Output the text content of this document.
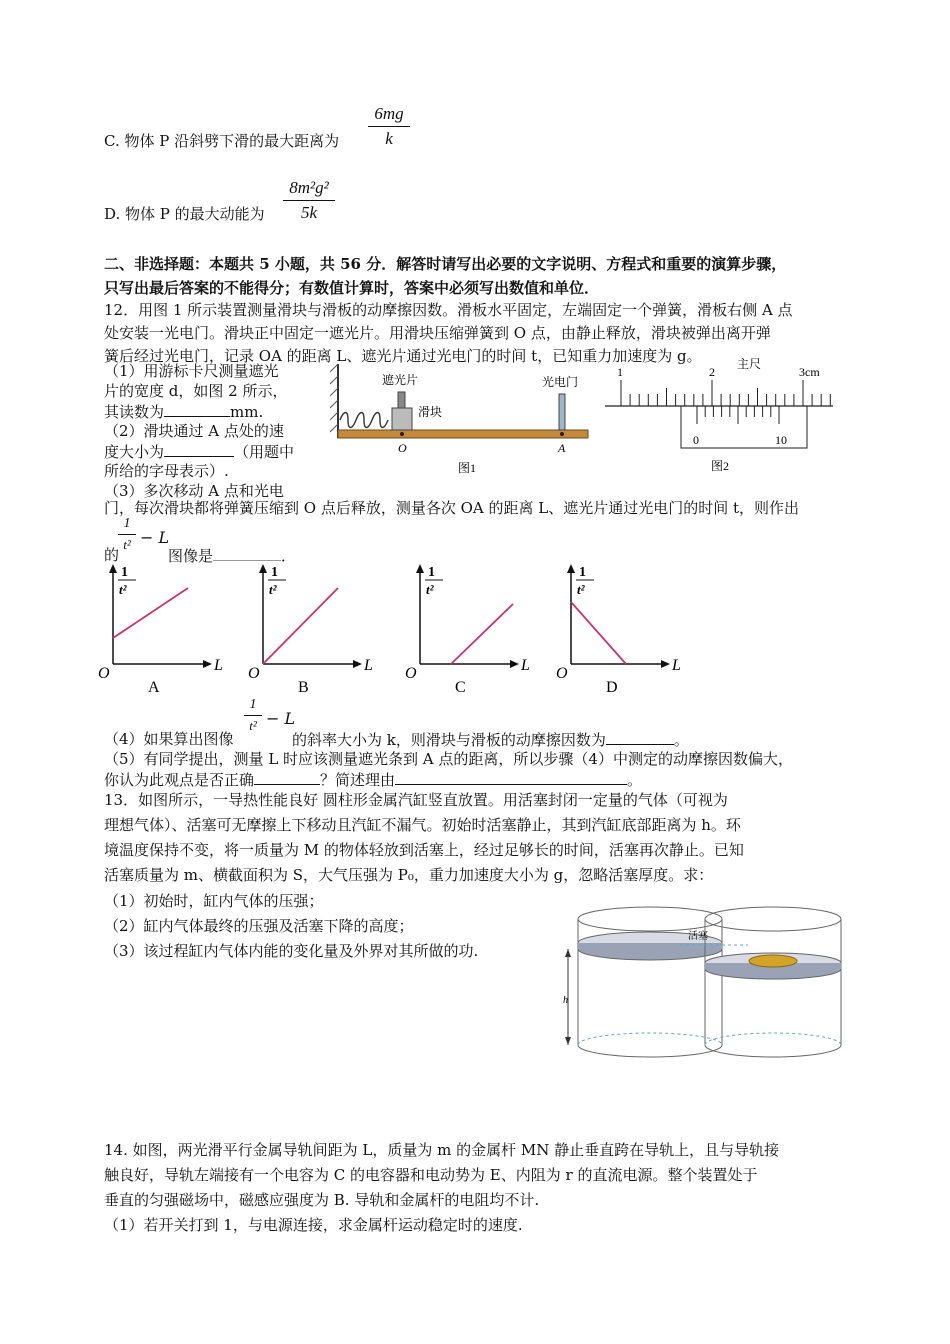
C. 物体 P 沿斜劈下滑的最大距离为
6mg
k
D. 物体 P 的最大动能为
8m²g²
5k
二、非选择题：本题共 5 小题，共 56 分．解答时请写出必要的文字说明、方程式和重要的演算步骤，
只写出最后答案的不能得分；有数值计算时，答案中必须写出数值和单位．
12．用图 1 所示装置测量滑块与滑板的动摩擦因数。滑板水平固定，左端固定一个弹簧，滑板右侧 A 点
处安装一光电门。滑块正中固定一遮光片。用滑块压缩弹簧到 O 点，由静止释放，滑块被弹出离开弹
簧后经过光电门，记录 OA 的距离 L、遮光片通过光电门的时间 t，已知重力加速度为 g。
（1）用游标卡尺测量遮光
片的宽度 d，如图 2 所示，
其读数为	mm.
（2）滑块通过 A 点处的速
度大小为	（用题中
所给的字母表示）.
（3）多次移动 A 点和光电
门，每次滑块都将弹簧压缩到 O 点后释放，测量各次 OA 的距离 L、遮光片通过光电门的时间 t，则作出
遮光片	光电门
滑块
O	A
图1
1	2	3cm
主尺
0	10
图2
的
1
t² − L
图像是	．
1
t²
L
O
A
1
t²
L
O
B
1
t²
L
O
C
1
t²
L
O
D
（4）如果算出图像
1
t² − L
的斜率大小为 k，则滑块与滑板的动摩擦因数为	。
（5）有同学提出，测量 L 时应该测量遮光条到 A 点的距离，所以步骤（4）中测定的动摩擦因数偏大，
你认为此观点是否正确	？简述理由	。
13．如图所示，一导热性能良好 圆柱形金属汽缸竖直放置。用活塞封闭一定量的气体（可视为
理想气体）、活塞可无摩擦上下移动且汽缸不漏气。初始时活塞静止，其到汽缸底部距离为 h。环
境温度保持不变，将一质量为 M 的物体轻放到活塞上，经过足够长的时间，活塞再次静止。已知
活塞质量为 m、横截面积为 S，大气压强为 P₀，重力加速度大小为 g，忽略活塞厚度。求：
（1）初始时，缸内气体的压强；
（2）缸内气体最终的压强及活塞下降的高度；
（3）该过程缸内气体内能的变化量及外界对其所做的功.
h
活塞
14. 如图，两光滑平行金属导轨间距为 L，质量为 m 的金属杆 MN 静止垂直跨在导轨上，且与导轨接
触良好，导轨左端接有一个电容为 C 的电容器和电动势为 E、内阻为 r 的直流电源。整个装置处于
垂直的匀强磁场中，磁感应强度为 B. 导轨和金属杆的电阻均不计.
（1）若开关打到 1，与电源连接，求金属杆运动稳定时的速度.
